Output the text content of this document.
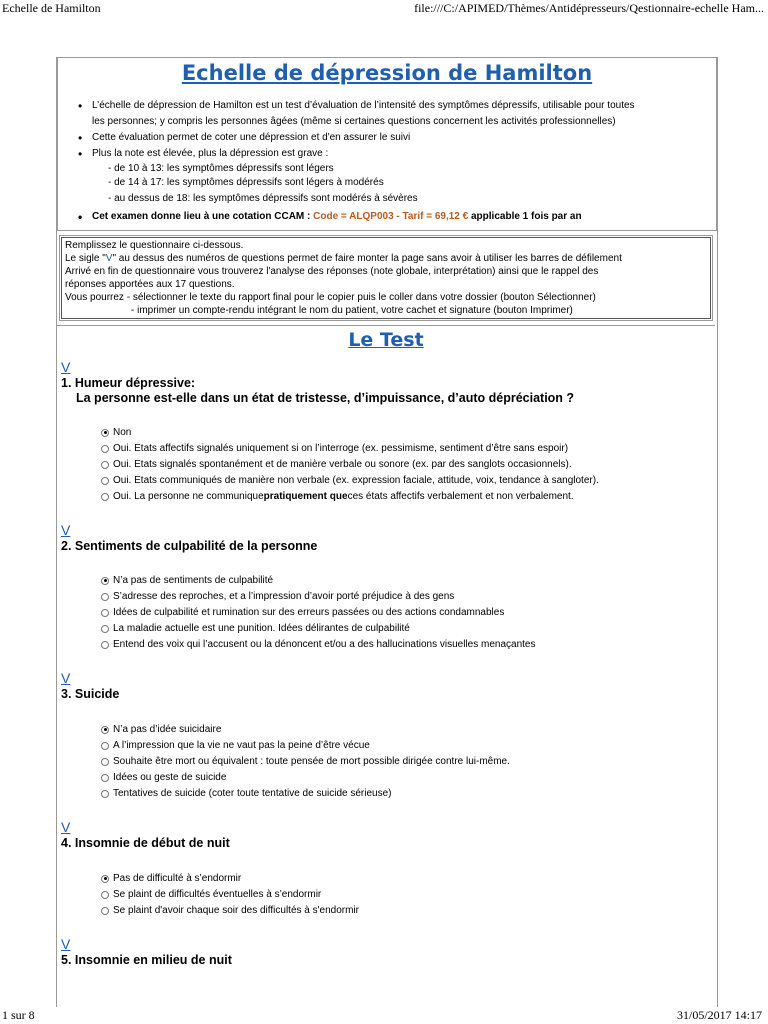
Echelle de Hamilton	file:///C:/APIMED/Thèmes/Antidépresseurs/Qestionnaire-echelle Ham...
Echelle de dépression de Hamilton
• L’échelle de dépression de Hamilton est un test d’évaluation de l’intensité des symptômes dépressifs, utilisable pour toutes
les personnes; y compris les personnes âgées (même si certaines questions concernent les activités professionnelles)
• Cette évaluation permet de coter une dépression et d'en assurer le suivi
• Plus la note est élevée, plus la dépression est grave :
- de 10 à 13: les symptômes dépressifs sont légers
- de 14 à 17: les symptômes dépressifs sont légers à modérés
- au dessus de 18: les symptômes dépressifs sont modérés à sévères
• Cet examen donne lieu à une cotation CCAM : Code = ALQP003 - Tarif = 69,12 € applicable 1 fois par an
Remplissez le questionnaire ci-dessous.
Le sigle "V" au dessus des numéros de questions permet de faire monter la page sans avoir à utiliser les barres de défilement
Arrivé en fin de questionnaire vous trouverez l'analyse des réponses (note globale, interprétation) ainsi que le rappel des
réponses apportées aux 17 questions.
Vous pourrez - sélectionner le texte du rapport final pour le copier puis le coller dans votre dossier (bouton Sélectionner)
- imprimer un compte-rendu intégrant le nom du patient, votre cachet et signature (bouton Imprimer)
Le Test
V
1. Humeur dépressive:
La personne est-elle dans un état de tristesse, d’impuissance, d’auto dépréciation ?
Non
Oui. Etats affectifs signalés uniquement si on l’interroge (ex. pessimisme, sentiment d’être sans espoir)
Oui. Etats signalés spontanément et de manière verbale ou sonore (ex. par des sanglots occasionnels).
Oui. Etats communiqués de manière non verbale (ex. expression faciale, attitude, voix, tendance à sangloter).
Oui. La personne ne communique pratiquement que ces états affectifs verbalement et non verbalement.
V
2. Sentiments de culpabilité de la personne
N’a pas de sentiments de culpabilité
S’adresse des reproches, et a l’impression d’avoir porté préjudice à des gens
Idées de culpabilité et rumination sur des erreurs passées ou des actions condamnables
La maladie actuelle est une punition. Idées délirantes de culpabilité
Entend des voix qui l’accusent ou la dénoncent et/ou a des hallucinations visuelles menaçantes
V
3. Suicide
N’a pas d’idée suicidaire
A l’impression que la vie ne vaut pas la peine d’être vécue
Souhaite être mort ou équivalent : toute pensée de mort possible dirigée contre lui-même.
Idées ou geste de suicide
Tentatives de suicide (coter toute tentative de suicide sérieuse)
V
4. Insomnie de début de nuit
Pas de difficulté à s’endormir
Se plaint de difficultés éventuelles à s’endormir
Se plaint d'avoir chaque soir des difficultés à s'endormir
V
5. Insomnie en milieu de nuit
1 sur 8	31/05/2017 14:17
